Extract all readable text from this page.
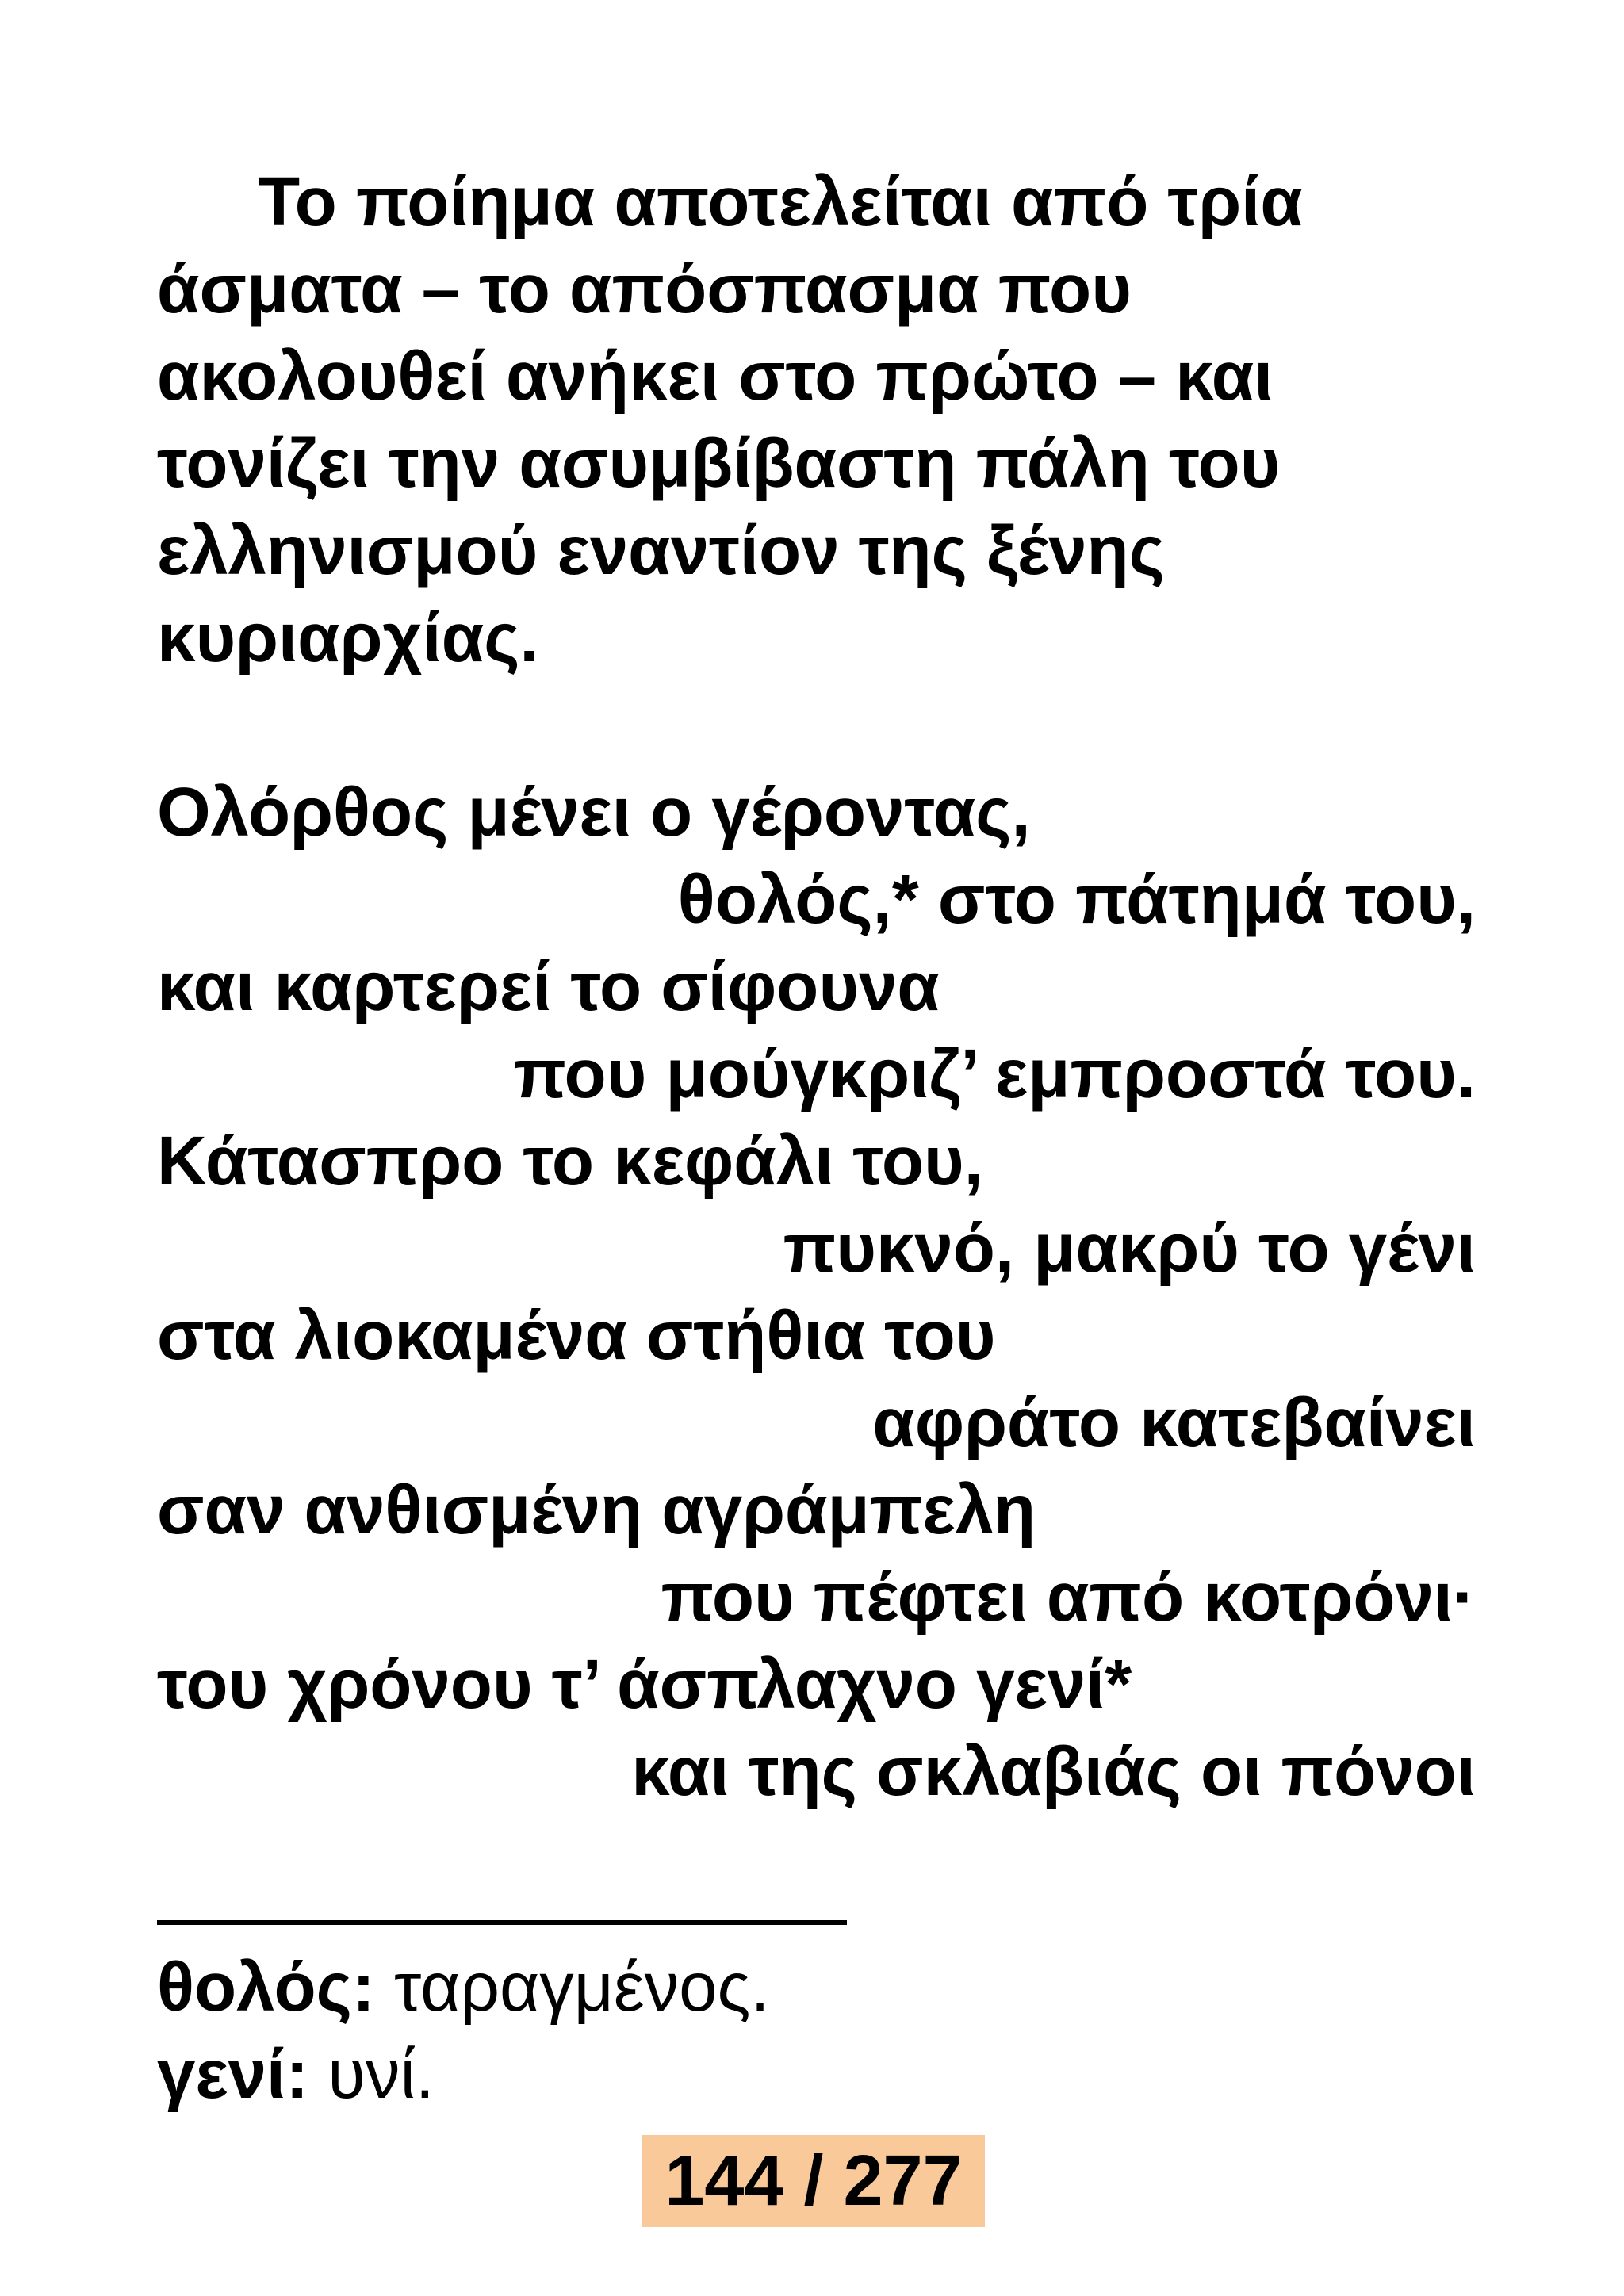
Το ποίημα αποτελείται από τρία
άσματα – το απόσπασμα που
ακολουθεί ανήκει στο πρώτο – και
τονίζει την ασυμβίβαστη πάλη του
ελληνισμού εναντίον της ξένης
κυριαρχίας.
Ολόρθος μένει ο γέροντας,
θολός,* στο πάτημά του,
και καρτερεί το σίφουνα
που μούγκριζ’ εμπροστά του.
Κάτασπρο το κεφάλι του,
πυκνό, μακρύ το γένι
στα λιοκαμένα στήθια του
αφράτο κατεβαίνει
σαν ανθισμένη αγράμπελη
που πέφτει από κοτρόνι·
του χρόνου τ’ άσπλαχνο γενί*
και της σκλαβιάς οι πόνοι
θολός: ταραγμένος.
γενί: υνί.
144 / 277
